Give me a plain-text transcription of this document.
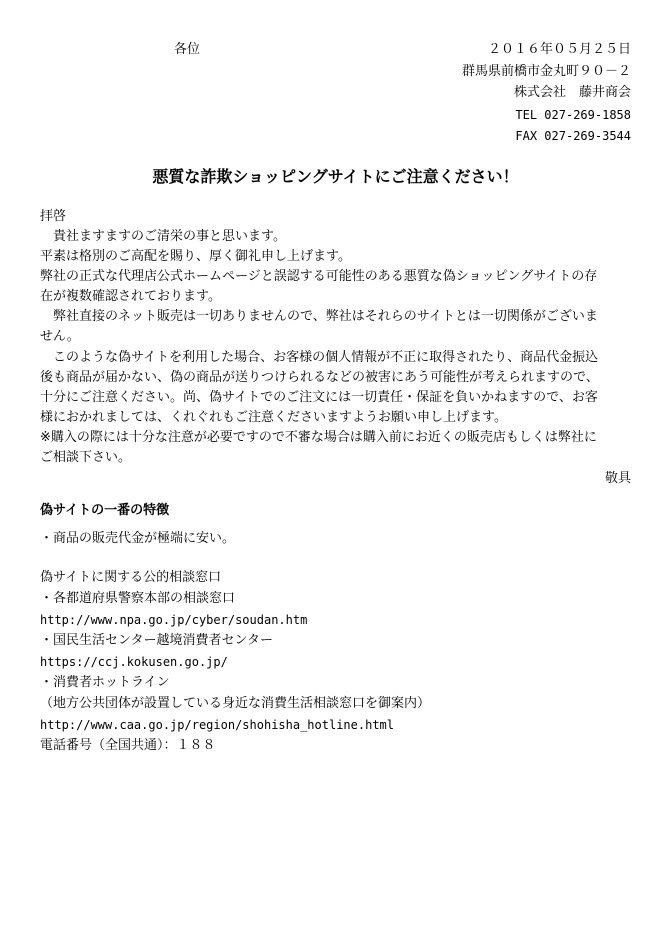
各位	２０１６年０５月２５日
群馬県前橋市金丸町９０－２
株式会社　藤井商会
TEL 027-269-1858
FAX 027-269-3544
悪質な詐欺ショッピングサイトにご注意ください！
拝啓
　貴社ますますのご清栄の事と思います。
平素は格別のご高配を賜り、厚く御礼申し上げます。
弊社の正式な代理店公式ホームページと誤認する可能性のある悪質な偽ショッピングサイトの存
在が複数確認されております。
　弊社直接のネット販売は一切ありませんので、弊社はそれらのサイトとは一切関係がございま
せん。
　このような偽サイトを利用した場合、お客様の個人情報が不正に取得されたり、商品代金振込
後も商品が届かない、偽の商品が送りつけられるなどの被害にあう可能性が考えられますので、
十分にご注意ください。尚、偽サイトでのご注文には一切責任・保証を負いかねますので、お客
様におかれましては、くれぐれもご注意くださいますようお願い申し上げます。
※購入の際には十分な注意が必要ですので不審な場合は購入前にお近くの販売店もしくは弊社に
ご相談下さい。
敬具
偽サイトの一番の特徴
・商品の販売代金が極端に安い。
偽サイトに関する公的相談窓口
・各都道府県警察本部の相談窓口
http://www.npa.go.jp/cyber/soudan.htm
・国民生活センター越境消費者センター
https://ccj.kokusen.go.jp/
・消費者ホットライン
（地方公共団体が設置している身近な消費生活相談窓口を御案内）
http://www.caa.go.jp/region/shohisha_hotline.html
電話番号（全国共通）：１８８
